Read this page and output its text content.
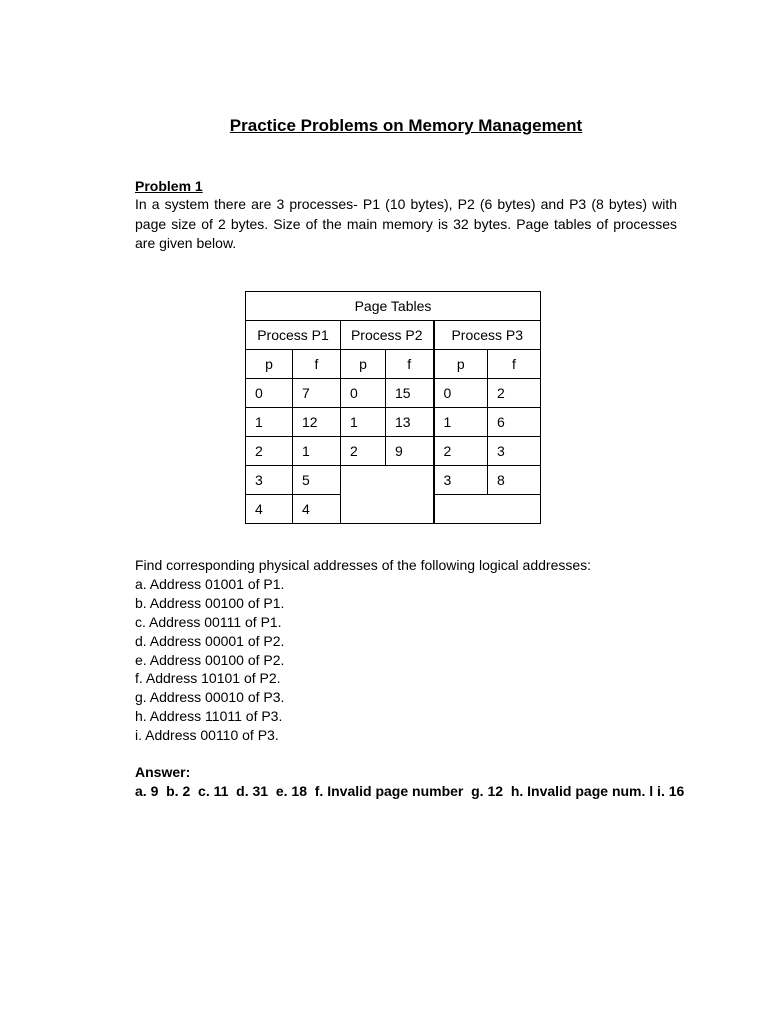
Practice Problems on Memory Management

Problem 1

In a system there are 3 processes- P1 (10 bytes), P2 (6 bytes) and P3 (8 bytes) with page size of 2 bytes. Size of the main memory is 32 bytes. Page tables of processes are given below.

Page Tables					
Process P1		Process P2		Process P3	
p	f	p	f	p	f
0	7	0	15	0	2
1	12	1	13	1	6
2	1	2	9	2	3
3	5			3	8
4	4				
Find corresponding physical addresses of the following logical addresses:
a. Address 01001 of P1.
b. Address 00100 of P1.
c. Address 00111 of P1.
d. Address 00001 of P2.
e. Address 00100 of P2.
f. Address 10101 of P2.
g. Address 00010 of P3.
h. Address 11011 of P3.
i. Address 00110 of P3.

Answer:

a. 9  b. 2  c. 11  d. 31  e. 18  f. Invalid page number  g. 12  h. Invalid page num. l i. 16
